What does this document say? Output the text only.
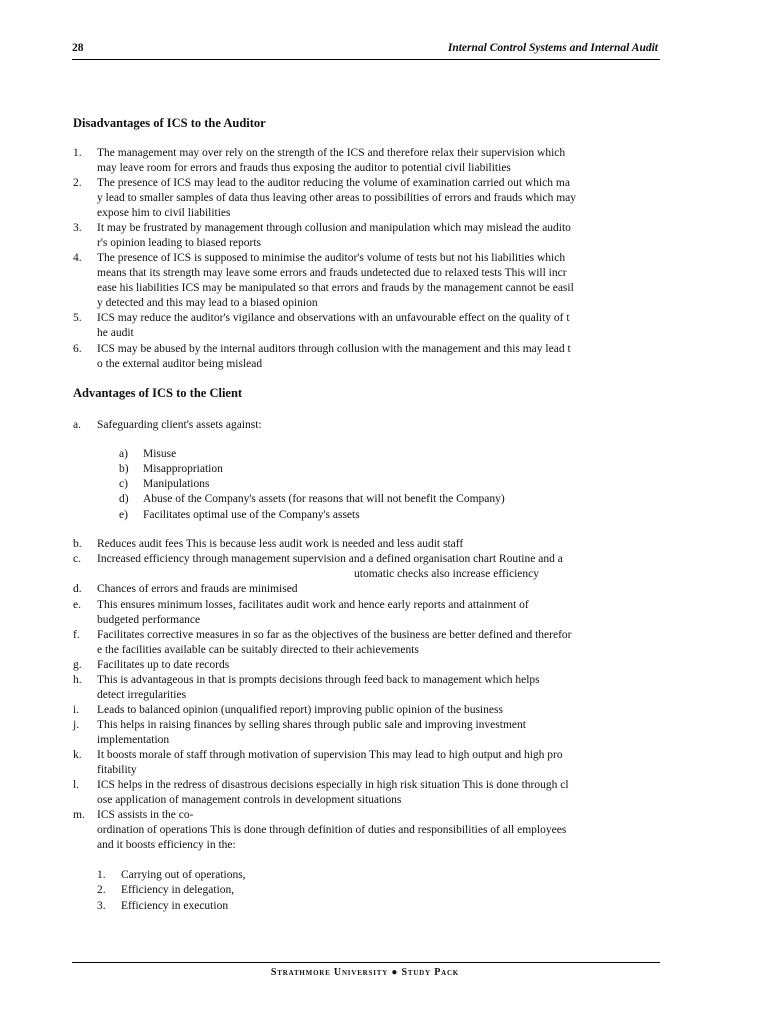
28	Internal Control Systems and Internal Audit
Disadvantages of ICS to the Auditor
1. The management may over rely on the strength of the ICS and therefore relax their supervision which
may leave room for errors and frauds thus exposing the auditor to potential civil liabilities
2. The presence of ICS may lead to the auditor reducing the volume of examination carried out which ma
y lead to smaller samples of data thus leaving other areas to possibilities of errors and frauds which may
expose him to civil liabilities
3. It may be frustrated by management through collusion and manipulation which may mislead the audito
r's opinion leading to biased reports
4. The presence of ICS is supposed to minimise the auditor's volume of tests but not his liabilities which
means that its strength may leave some errors and frauds undetected due to relaxed tests This will incr
ease his liabilities ICS may be manipulated so that errors and frauds by the management cannot be easil
y detected and this may lead to a biased opinion
5. ICS may reduce the auditor's vigilance and observations with an unfavourable effect on the quality of t
he audit
6. ICS may be abused by the internal auditors through collusion with the management and this may lead t
o the external auditor being mislead
Advantages of ICS to the Client
a. Safeguarding client's assets against:
a) Misuse
b) Misappropriation
c) Manipulations
d) Abuse of the Company's assets (for reasons that will not benefit the Company)
e) Facilitates optimal use of the Company's assets
b. Reduces audit fees This is because less audit work is needed and less audit staff
c. Increased efficiency through management supervision and a defined organisation chart Routine and a
utomatic checks also increase efficiency
d. Chances of errors and frauds are minimised
e. This ensures minimum losses, facilitates audit work and hence early reports and attainment of
budgeted performance
f. Facilitates corrective measures in so far as the objectives of the business are better defined and therefor
e the facilities available can be suitably directed to their achievements
g. Facilitates up to date records
h. This is advantageous in that is prompts decisions through feed back to management which helps
detect irregularities
i. Leads to balanced opinion (unqualified report) improving public opinion of the business
j. This helps in raising finances by selling shares through public sale and improving investment
implementation
k. It boosts morale of staff through motivation of supervision This may lead to high output and high pro
fitability
l. ICS helps in the redress of disastrous decisions especially in high risk situation This is done through cl
ose application of management controls in development situations
m. ICS assists in the co-
ordination of operations This is done through definition of duties and responsibilities of all employees
and it boosts efficiency in the:
1. Carrying out of operations,
2. Efficiency in delegation,
3. Efficiency in execution
Strathmore University ● Study Pack
